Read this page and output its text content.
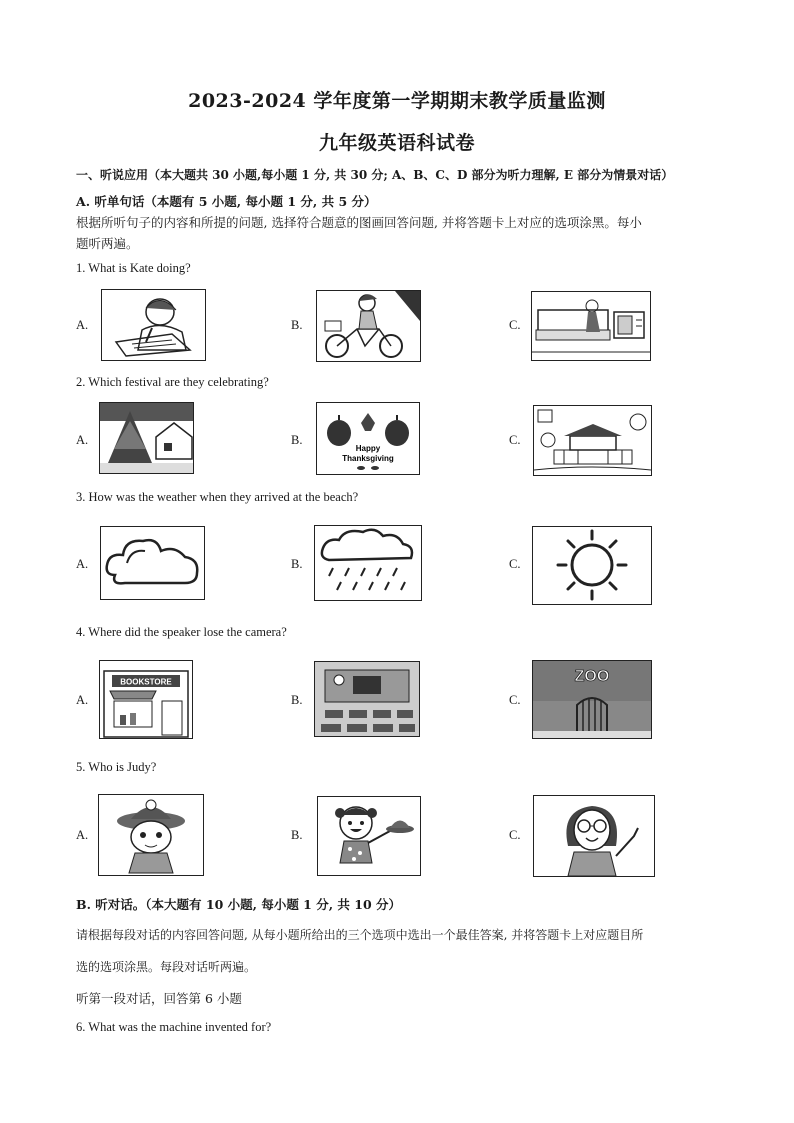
2023-2024 学年度第一学期期末教学质量监测
九年级英语科试卷
一、听说应用（本大题共 30 小题,每小题 1 分, 共 30 分; A、B、C、D 部分为听力理解, E 部分为情景对话）
A. 听单句话（本题有 5 小题, 每小题 1 分, 共 5 分）
根据所听句子的内容和所提的问题, 选择符合题意的图画回答问题, 并将答题卡上对应的选项涂黑。每小
题听两遍。
1. What is Kate doing?
A.	B.	C.
2. Which festival are they celebrating?
A.	B.
Happy
Thanksgiving
C.
3. How was the weather when they arrived at the beach?
A.	B.	C.
4. Where did the speaker lose the camera?
A.
BOOKSTORE
B.	C.
ZOO
5. Who is Judy?
A.	B.	C.
B. 听对话。（本大题有 10 小题, 每小题 1 分, 共 10 分）
请根据每段对话的内容回答问题, 从每小题所给出的三个选项中选出一个最佳答案, 并将答题卡上对应题目所
选的选项涂黑。每段对话听两遍。
听第一段对话，回答第 6 小题
6. What was the machine invented for?
